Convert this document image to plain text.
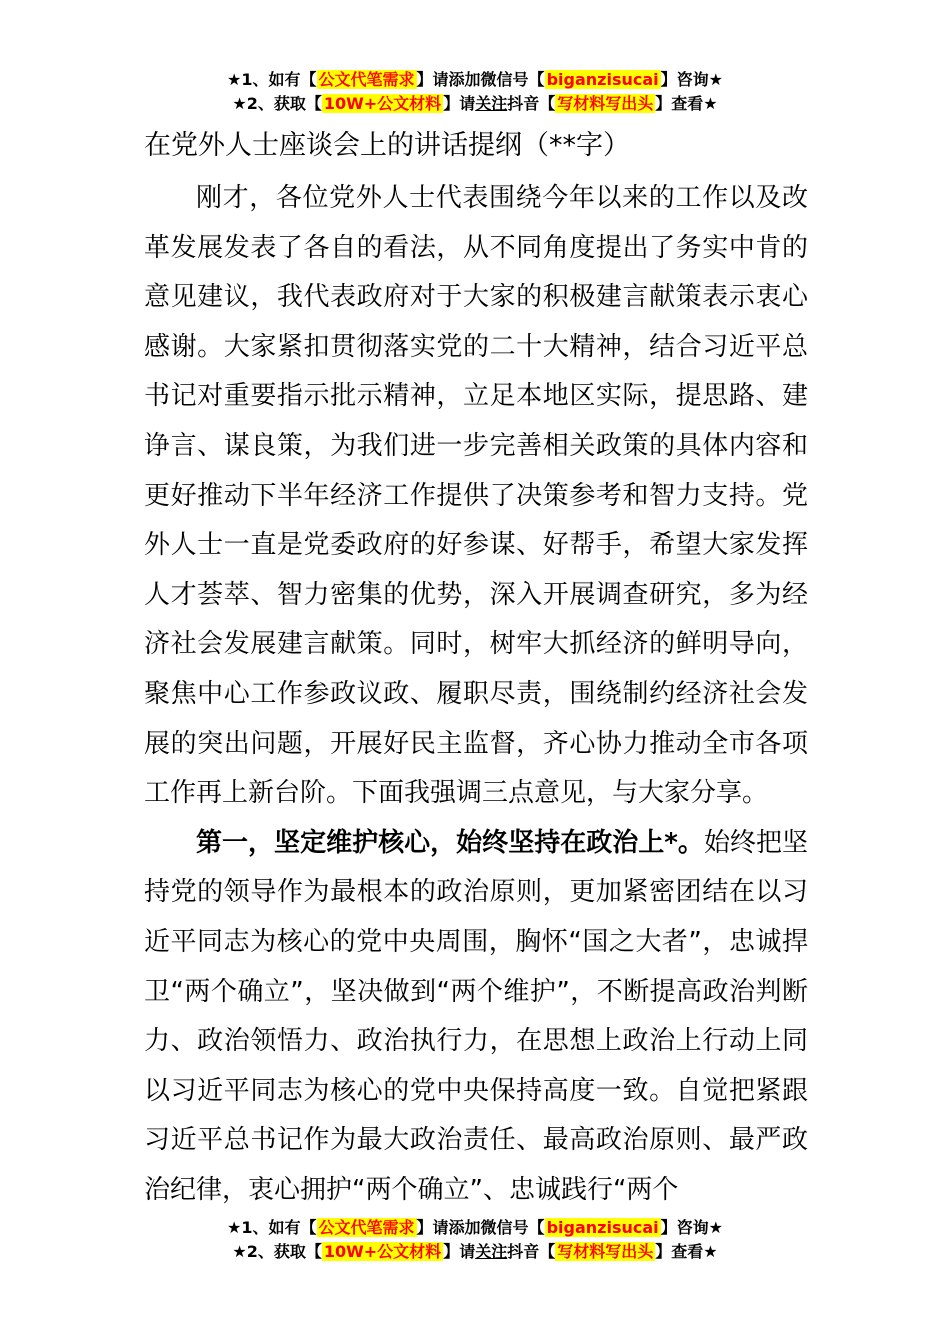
★1、如有【 公文代笔需求 】请添加微信号【 biganzisucai 】咨询★
★2、获取【 10W+公文材料 】请关注抖音【 写材料写出头 】查看★
在党外人士座谈会上的讲话提纲（**字）

刚才，各位党外人士代表围绕今年以来的工作以及改革发展发表了各自的看法，从不同角度提出了务实中肯的意见建议，我代表政府对于大家的积极建言献策表示衷心感谢。大家紧扣贯彻落实党的二十大精神，结合习近平总书记对重要指示批示精神，立足本地区实际，提思路、建诤言、谋良策，为我们进一步完善相关政策的具体内容和更好推动下半年经济工作提供了决策参考和智力支持。党外人士一直是党委政府的好参谋、好帮手，希望大家发挥人才荟萃、智力密集的优势，深入开展调查研究，多为经济社会发展建言献策。同时，树牢大抓经济的鲜明导向，聚焦中心工作参政议政、履职尽责，围绕制约经济社会发展的突出问题，开展好民主监督，齐心协力推动全市各项工作再上新台阶。下面我强调三点意见，与大家分享。

第一，坚定维护核心，始终坚持在政治上*。始终把坚持党的领导作为最根本的政治原则，更加紧密团结在以习近平同志为核心的党中央周围，胸怀“国之大者”，忠诚捍卫“两个确立”，坚决做到“两个维护”，不断提高政治判断力、政治领悟力、政治执行力，在思想上政治上行动上同以习近平同志为核心的党中央保持高度一致。自觉把紧跟习近平总书记作为最大政治责任、最高政治原则、最严政治纪律，衷心拥护“两个确立”、忠诚践行“两个

★1、如有【 公文代笔需求 】请添加微信号【 biganzisucai 】咨询★
★2、获取【 10W+公文材料 】请关注抖音【 写材料写出头 】查看★
